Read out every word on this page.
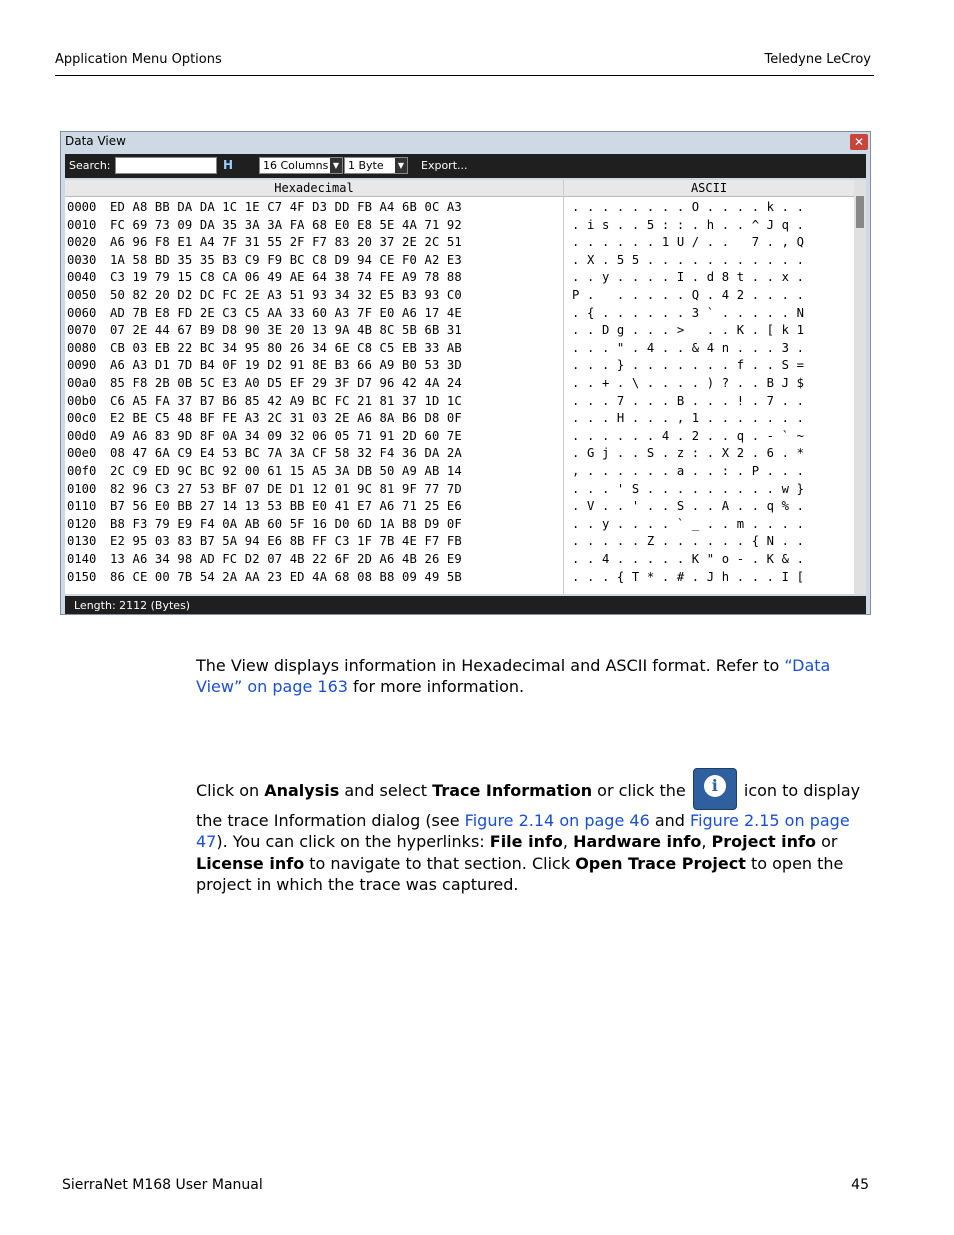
Application Menu Options	Teledyne LeCroy
Data View	✕
Search:	H	16 Columns ▼ 1 Byte	▼ Export...
Hexadecimal	ASCII
0000	ED A8 BB DA DA 1C 1E C7 4F D3 DD FB A4 6B 0C A3	. . . . . . . . O . . . . k . .
0010	FC 69 73 09 DA 35 3A 3A FA 68 E0 E8 5E 4A 71 92	. i s . . 5 : : . h . . ^ J q .
0020	A6 96 F8 E1 A4 7F 31 55 2F F7 83 20 37 2E 2C 51	. . . . . . 1 U / . .   7 . , Q
0030	1A 58 BD 35 35 B3 C9 F9 BC C8 D9 94 CE F0 A2 E3	. X . 5 5 . . . . . . . . . . .
0040	C3 19 79 15 C8 CA 06 49 AE 64 38 74 FE A9 78 88	. . y . . . . I . d 8 t . . x .
0050	50 82 20 D2 DC FC 2E A3 51 93 34 32 E5 B3 93 C0	P .   . . . . . Q . 4 2 . . . .
0060	AD 7B E8 FD 2E C3 C5 AA 33 60 A3 7F E0 A6 17 4E	. { . . . . . . 3 ` . . . . . N
0070	07 2E 44 67 B9 D8 90 3E 20 13 9A 4B 8C 5B 6B 31	. . D g . . . >   . . K . [ k 1
0080	CB 03 EB 22 BC 34 95 80 26 34 6E C8 C5 EB 33 AB	. . . " . 4 . . & 4 n . . . 3 .
0090	A6 A3 D1 7D B4 0F 19 D2 91 8E B3 66 A9 B0 53 3D	. . . } . . . . . . . f . . S =
00a0	85 F8 2B 0B 5C E3 A0 D5 EF 29 3F D7 96 42 4A 24	. . + . \ . . . . ) ? . . B J $
00b0	C6 A5 FA 37 B7 B6 85 42 A9 BC FC 21 81 37 1D 1C	. . . 7 . . . B . . . ! . 7 . .
00c0	E2 BE C5 48 BF FE A3 2C 31 03 2E A6 8A B6 D8 0F	. . . H . . . , 1 . . . . . . .
00d0	A9 A6 83 9D 8F 0A 34 09 32 06 05 71 91 2D 60 7E	. . . . . . 4 . 2 . . q . - ` ~
00e0	08 47 6A C9 E4 53 BC 7A 3A CF 58 32 F4 36 DA 2A	. G j . . S . z : . X 2 . 6 . *
00f0	2C C9 ED 9C BC 92 00 61 15 A5 3A DB 50 A9 AB 14	, . . . . . . a . . : . P . . .
0100	82 96 C3 27 53 BF 07 DE D1 12 01 9C 81 9F 77 7D	. . . ' S . . . . . . . . . w }
0110	B7 56 E0 BB 27 14 13 53 BB E0 41 E7 A6 71 25 E6	. V . . ' . . S . . A . . q % .
0120	B8 F3 79 E9 F4 0A AB 60 5F 16 D0 6D 1A B8 D9 0F	. . y . . . . ` _ . . m . . . .
0130	E2 95 03 83 B7 5A 94 E6 8B FF C3 1F 7B 4E F7 FB	. . . . . Z . . . . . . { N . .
0140	13 A6 34 98 AD FC D2 07 4B 22 6F 2D A6 4B 26 E9	. . 4 . . . . . K " o - . K & .
0150	86 CE 00 7B 54 2A AA 23 ED 4A 68 08 B8 09 49 5B	. . . { T * . # . J h . . . I [
Length: 2112 (Bytes)
The View displays information in Hexadecimal and ASCII format. Refer to “Data View” on page 163 for more information.
Click on Analysis and select Trace Information or click the	i	icon to display the trace Information dialog (see Figure 2.14 on page 46 and Figure 2.15 on page 47). You can click on the hyperlinks: File info, Hardware info, Project info or License info to navigate to that section. Click Open Trace Project to open the project in which the trace was captured.
SierraNet M168 User Manual	45
